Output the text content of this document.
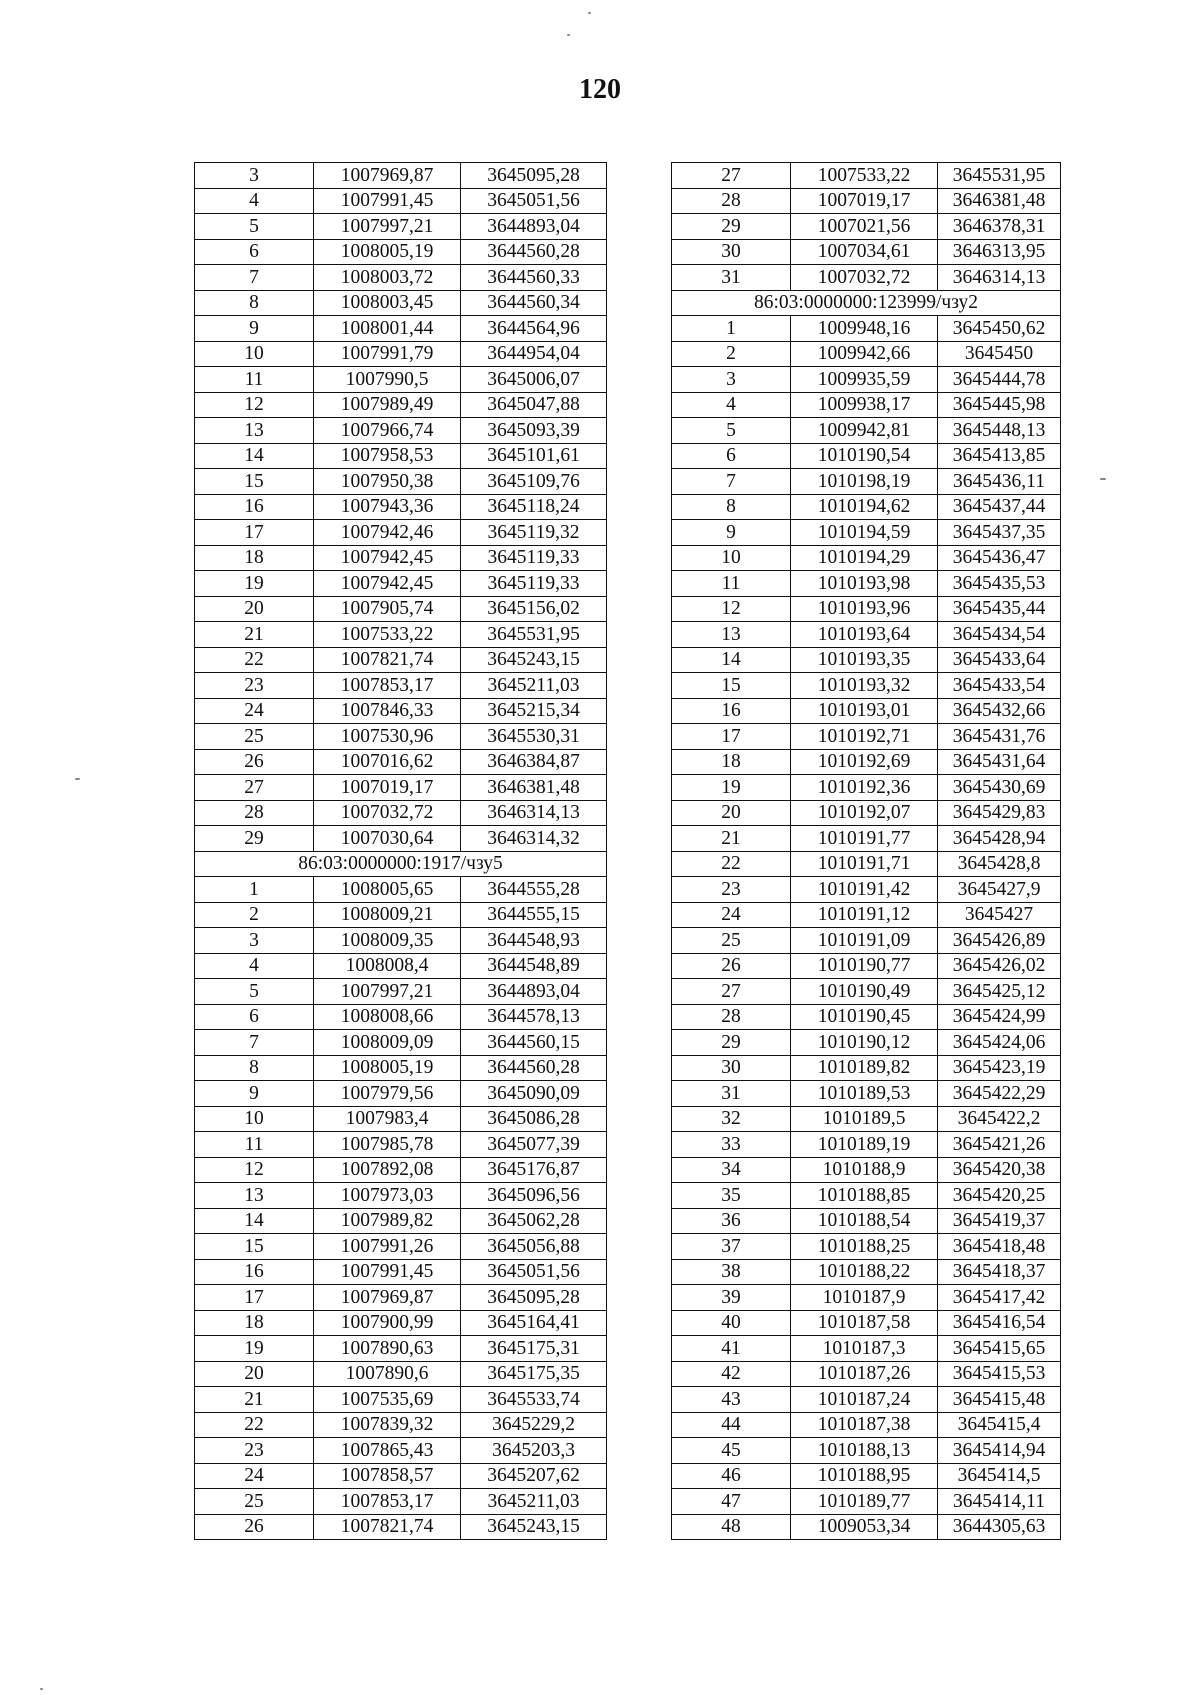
120
3	1007969,87	3645095,28
4	1007991,45	3645051,56
5	1007997,21	3644893,04
6	1008005,19	3644560,28
7	1008003,72	3644560,33
8	1008003,45	3644560,34
9	1008001,44	3644564,96
10	1007991,79	3644954,04
11	1007990,5	3645006,07
12	1007989,49	3645047,88
13	1007966,74	3645093,39
14	1007958,53	3645101,61
15	1007950,38	3645109,76
16	1007943,36	3645118,24
17	1007942,46	3645119,32
18	1007942,45	3645119,33
19	1007942,45	3645119,33
20	1007905,74	3645156,02
21	1007533,22	3645531,95
22	1007821,74	3645243,15
23	1007853,17	3645211,03
24	1007846,33	3645215,34
25	1007530,96	3645530,31
26	1007016,62	3646384,87
27	1007019,17	3646381,48
28	1007032,72	3646314,13
29	1007030,64	3646314,32
86:03:0000000:1917/чзу5		
1	1008005,65	3644555,28
2	1008009,21	3644555,15
3	1008009,35	3644548,93
4	1008008,4	3644548,89
5	1007997,21	3644893,04
6	1008008,66	3644578,13
7	1008009,09	3644560,15
8	1008005,19	3644560,28
9	1007979,56	3645090,09
10	1007983,4	3645086,28
11	1007985,78	3645077,39
12	1007892,08	3645176,87
13	1007973,03	3645096,56
14	1007989,82	3645062,28
15	1007991,26	3645056,88
16	1007991,45	3645051,56
17	1007969,87	3645095,28
18	1007900,99	3645164,41
19	1007890,63	3645175,31
20	1007890,6	3645175,35
21	1007535,69	3645533,74
22	1007839,32	3645229,2
23	1007865,43	3645203,3
24	1007858,57	3645207,62
25	1007853,17	3645211,03
26	1007821,74	3645243,15
27	1007533,22	3645531,95
28	1007019,17	3646381,48
29	1007021,56	3646378,31
30	1007034,61	3646313,95
31	1007032,72	3646314,13
86:03:0000000:123999/чзу2		
1	1009948,16	3645450,62
2	1009942,66	3645450
3	1009935,59	3645444,78
4	1009938,17	3645445,98
5	1009942,81	3645448,13
6	1010190,54	3645413,85
7	1010198,19	3645436,11
8	1010194,62	3645437,44
9	1010194,59	3645437,35
10	1010194,29	3645436,47
11	1010193,98	3645435,53
12	1010193,96	3645435,44
13	1010193,64	3645434,54
14	1010193,35	3645433,64
15	1010193,32	3645433,54
16	1010193,01	3645432,66
17	1010192,71	3645431,76
18	1010192,69	3645431,64
19	1010192,36	3645430,69
20	1010192,07	3645429,83
21	1010191,77	3645428,94
22	1010191,71	3645428,8
23	1010191,42	3645427,9
24	1010191,12	3645427
25	1010191,09	3645426,89
26	1010190,77	3645426,02
27	1010190,49	3645425,12
28	1010190,45	3645424,99
29	1010190,12	3645424,06
30	1010189,82	3645423,19
31	1010189,53	3645422,29
32	1010189,5	3645422,2
33	1010189,19	3645421,26
34	1010188,9	3645420,38
35	1010188,85	3645420,25
36	1010188,54	3645419,37
37	1010188,25	3645418,48
38	1010188,22	3645418,37
39	1010187,9	3645417,42
40	1010187,58	3645416,54
41	1010187,3	3645415,65
42	1010187,26	3645415,53
43	1010187,24	3645415,48
44	1010187,38	3645415,4
45	1010188,13	3645414,94
46	1010188,95	3645414,5
47	1010189,77	3645414,11
48	1009053,34	3644305,63
